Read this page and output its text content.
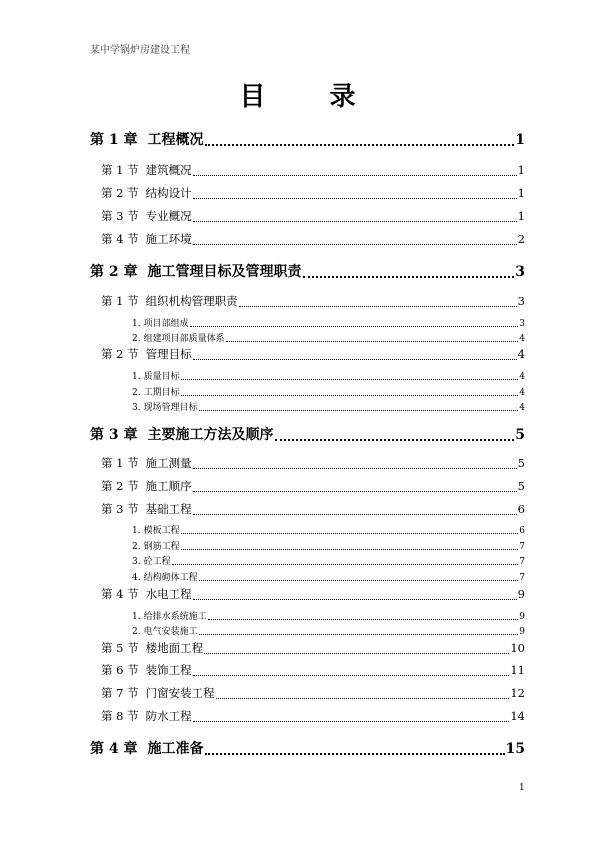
某中学锅炉房建设工程
目 录
第 1 章 工程概况	1
第 1 节 建筑概况	1
第 2 节 结构设计	1
第 3 节 专业概况	1
第 4 节 施工环境	2
第 2 章 施工管理目标及管理职责	3
第 1 节 组织机构管理职责	3
1. 项目部组成	3
2. 组建项目部质量体系	4
第 2 节 管理目标	4
1. 质量目标	4
2. 工期目标	4
3. 现场管理目标	4
第 3 章 主要施工方法及顺序	5
第 1 节 施工测量	5
第 2 节 施工顺序	5
第 3 节 基础工程	6
1. 模板工程	6
2. 钢筋工程	7
3. 砼工程	7
4. 结构砌体工程	7
第 4 节 水电工程	9
1. 给排水系统施工	9
2. 电气安装施工	9
第 5 节 楼地面工程	10
第 6 节 装饰工程	11
第 7 节 门窗安装工程	12
第 8 节 防水工程	14
第 4 章 施工准备	15
1
